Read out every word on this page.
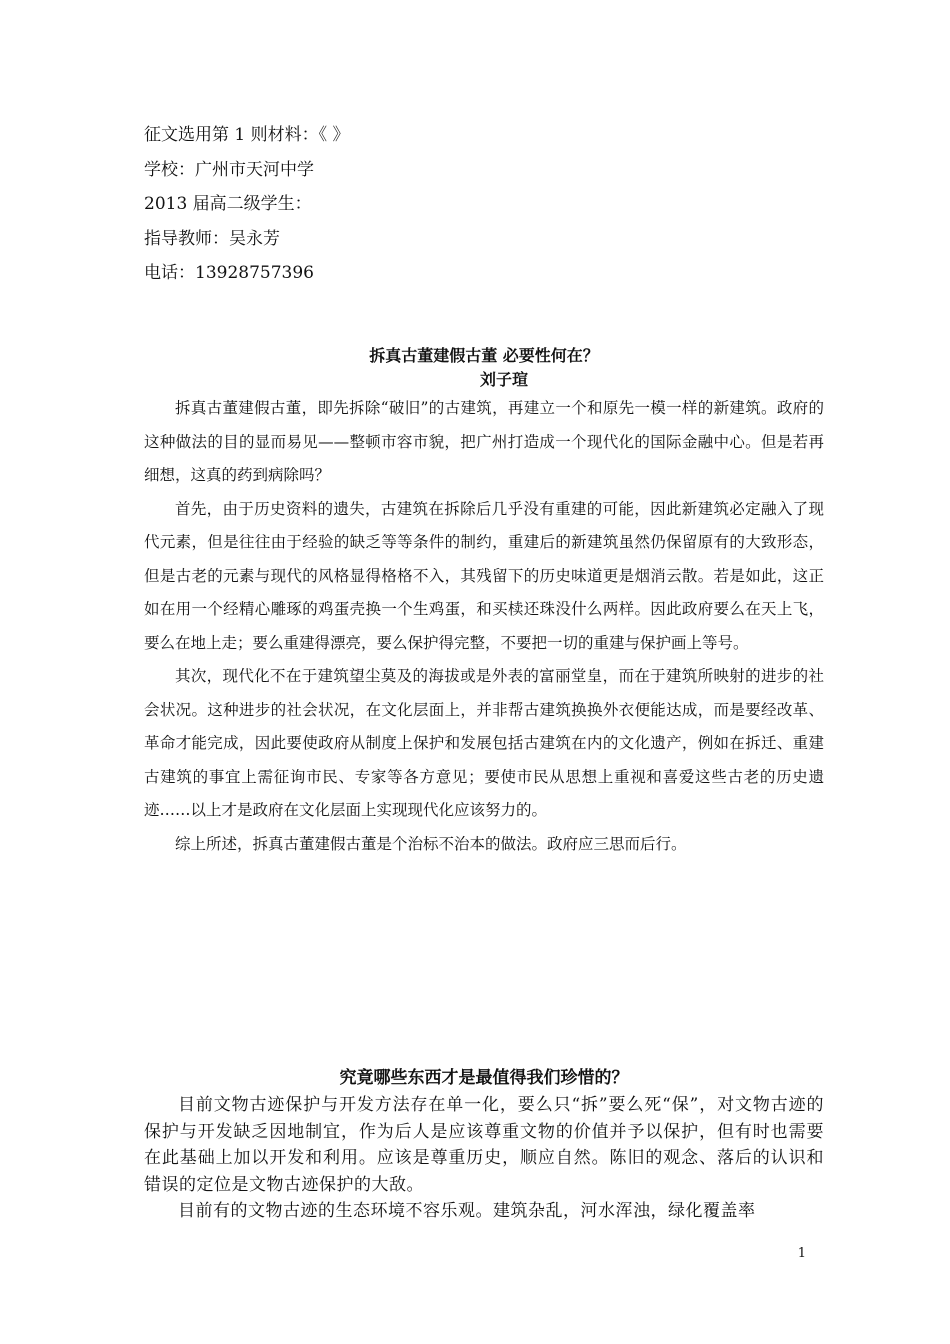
征文选用第 1 则材料：《 》
学校：广州市天河中学
2013 届高二级学生：
指导教师：吴永芳
电话：13928757396
拆真古董建假古董 必要性何在？
刘子瑄

拆真古董建假古董，即先拆除“破旧”的古建筑，再建立一个和原先一模一样的新建筑。政府的这种做法的目的显而易见——整顿市容市貌，把广州打造成一个现代化的国际金融中心。但是若再细想，这真的药到病除吗？

首先，由于历史资料的遗失，古建筑在拆除后几乎没有重建的可能，因此新建筑必定融入了现代元素，但是往往由于经验的缺乏等等条件的制约，重建后的新建筑虽然仍保留原有的大致形态，但是古老的元素与现代的风格显得格格不入，其残留下的历史味道更是烟消云散。若是如此，这正如在用一个经精心雕琢的鸡蛋壳换一个生鸡蛋，和买椟还珠没什么两样。因此政府要么在天上飞，要么在地上走；要么重建得漂亮，要么保护得完整，不要把一切的重建与保护画上等号。

其次，现代化不在于建筑望尘莫及的海拔或是外表的富丽堂皇，而在于建筑所映射的进步的社会状况。这种进步的社会状况，在文化层面上，并非帮古建筑换换外衣便能达成，而是要经改革、革命才能完成，因此要使政府从制度上保护和发展包括古建筑在内的文化遗产，例如在拆迁、重建古建筑的事宜上需征询市民、专家等各方意见；要使市民从思想上重视和喜爱这些古老的历史遗迹……以上才是政府在文化层面上实现现代化应该努力的。

综上所述，拆真古董建假古董是个治标不治本的做法。政府应三思而后行。

究竟哪些东西才是最值得我们珍惜的？

目前文物古迹保护与开发方法存在单一化，要么只“拆”要么死“保”，对文物古迹的保护与开发缺乏因地制宜，作为后人是应该尊重文物的价值并予以保护，但有时也需要在此基础上加以开发和利用。应该是尊重历史，顺应自然。陈旧的观念、落后的认识和错误的定位是文物古迹保护的大敌。

目前有的文物古迹的生态环境不容乐观。建筑杂乱，河水浑浊，绿化覆盖率

1
